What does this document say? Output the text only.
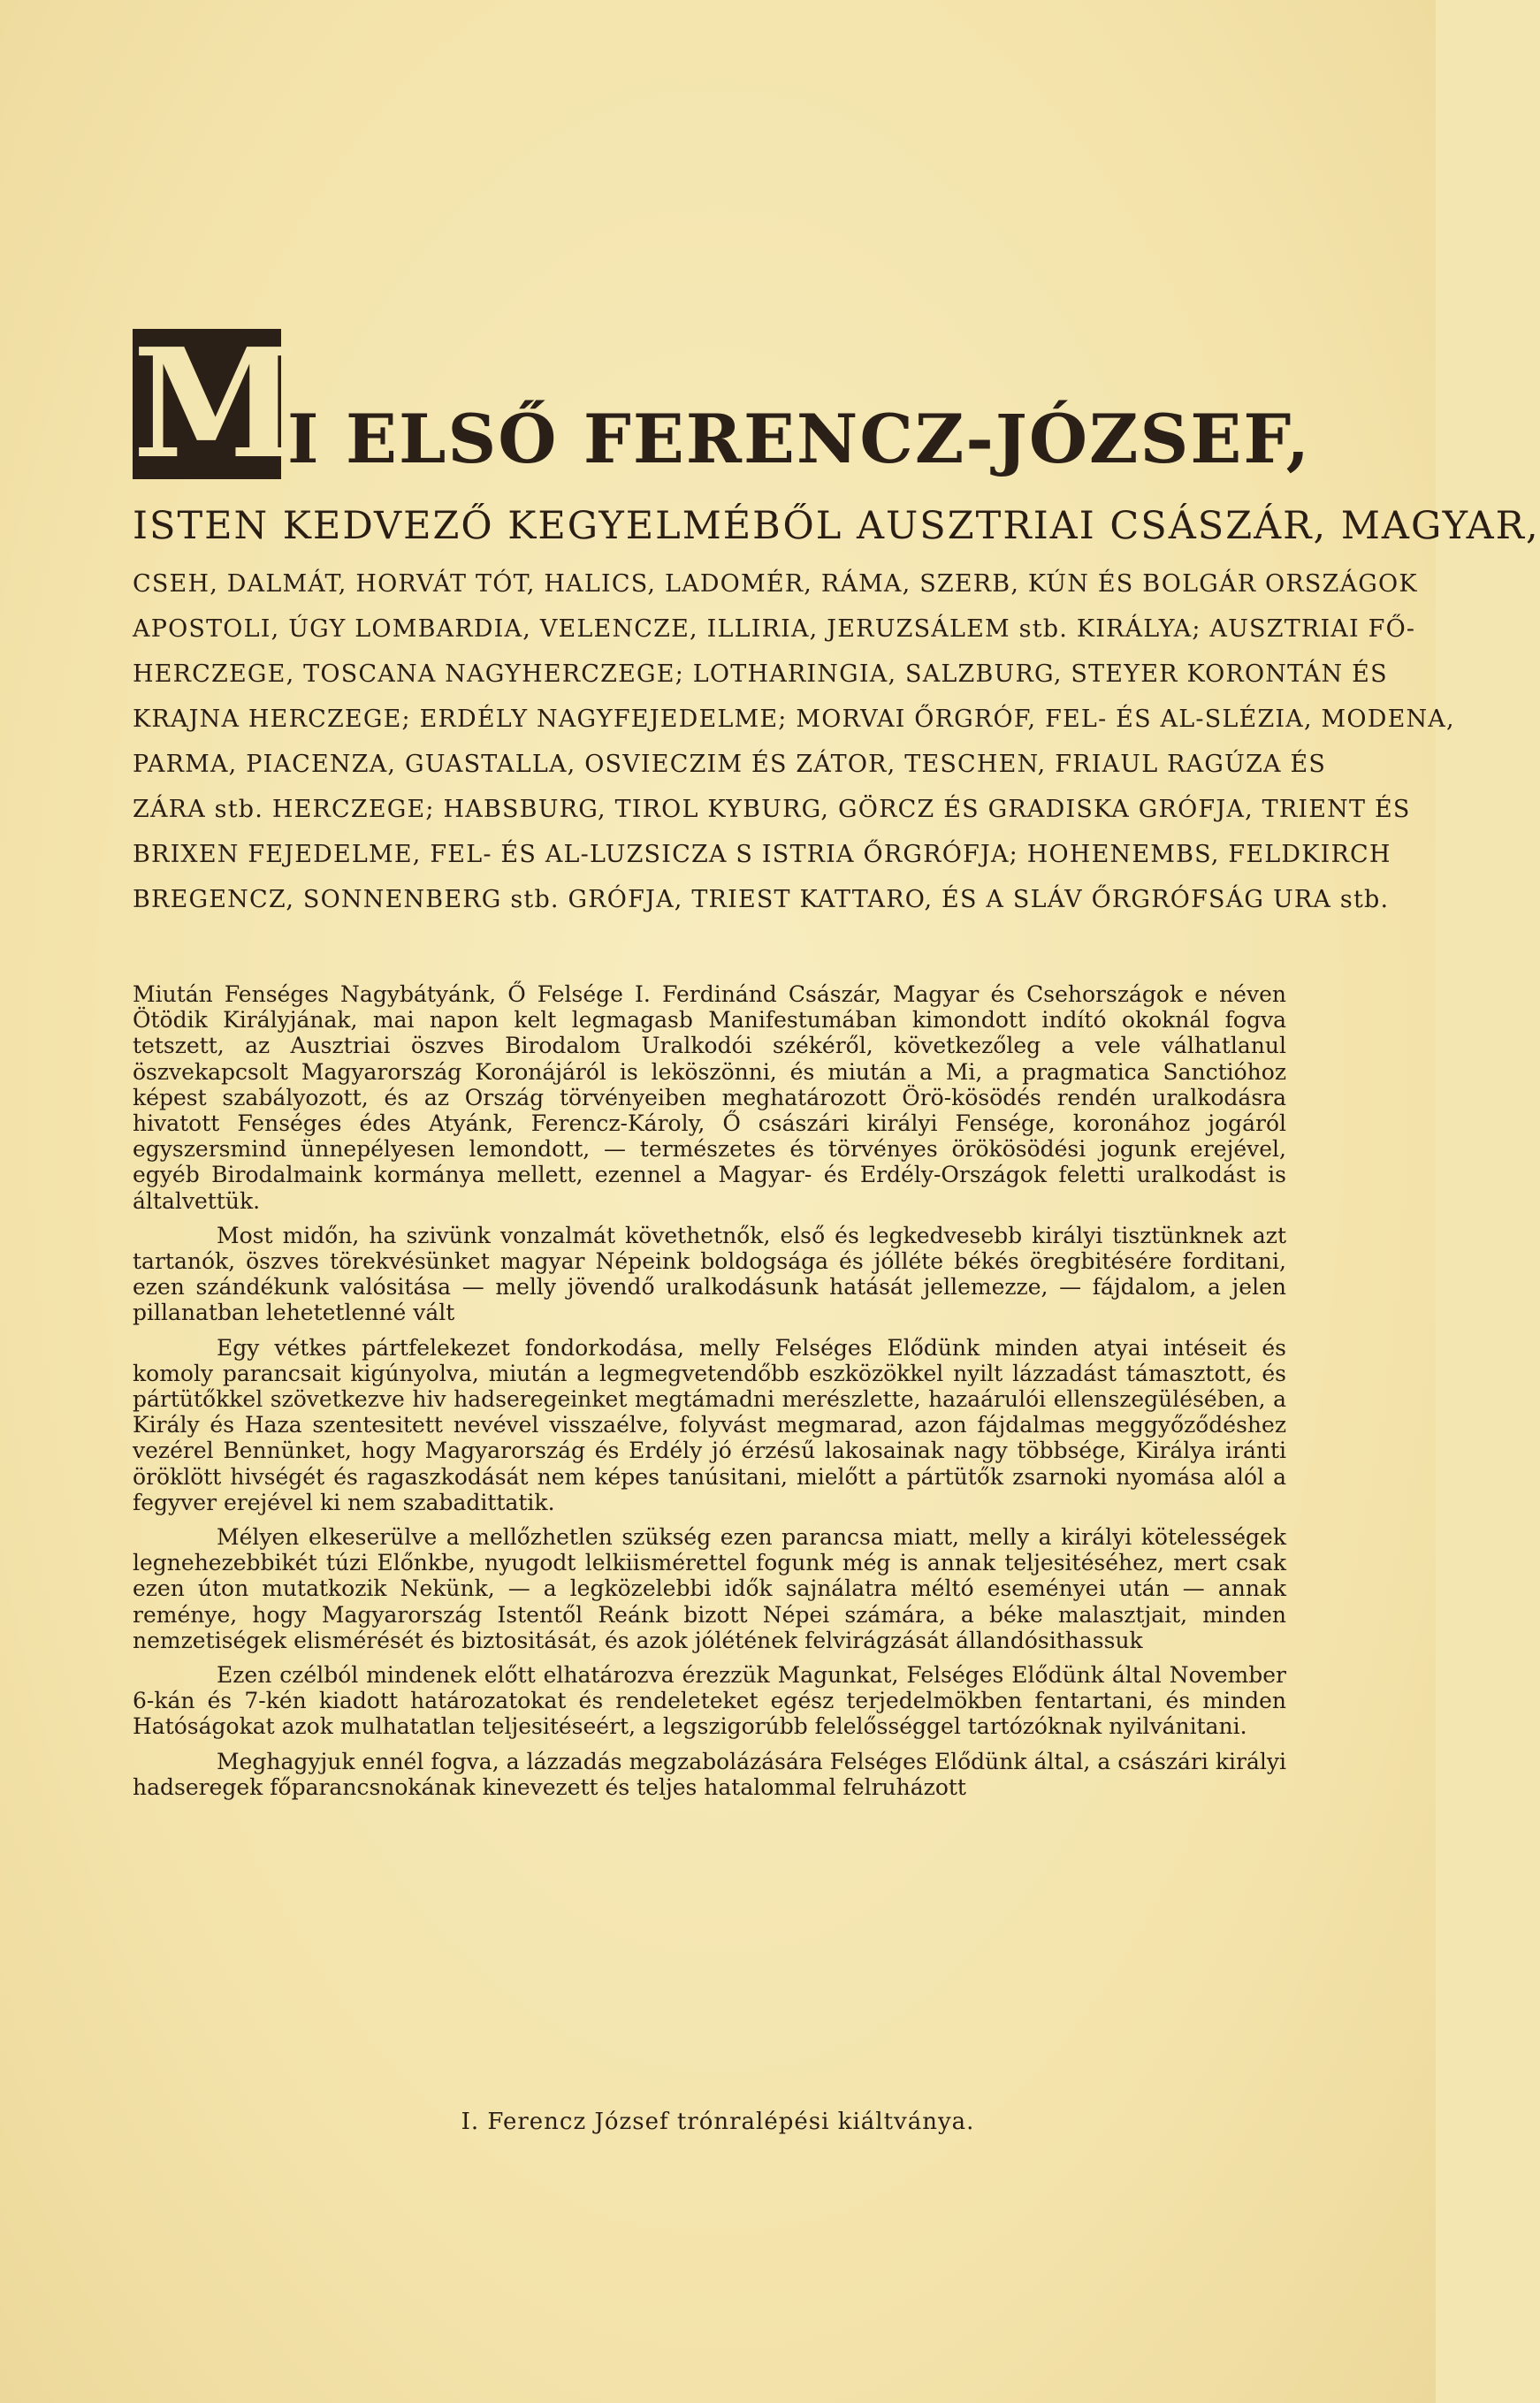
M
I ELSŐ FERENCZ-JÓZSEF,
ISTEN KEDVEZŐ KEGYELMÉBŐL AUSZTRIAI CSÁSZÁR, MAGYAR,
CSEH, DALMÁT, HORVÁT TÓT, HALICS, LADOMÉR, RÁMA, SZERB, KÚN ÉS BOLGÁR ORSZÁGOK
APOSTOLI, ÚGY LOMBARDIA, VELENCZE, ILLIRIA, JERUZSÁLEM stb. KIRÁLYA; AUSZTRIAI FŐ-
HERCZEGE, TOSCANA NAGYHERCZEGE; LOTHARINGIA, SALZBURG, STEYER KORONTÁN ÉS
KRAJNA HERCZEGE; ERDÉLY NAGYFEJEDELME; MORVAI ŐRGRÓF, FEL- ÉS AL-SLÉZIA, MODENA,
PARMA, PIACENZA, GUASTALLA, OSVIECZIM ÉS ZÁTOR, TESCHEN, FRIAUL RAGÚZA ÉS
ZÁRA stb. HERCZEGE; HABSBURG, TIROL KYBURG, GÖRCZ ÉS GRADISKA GRÓFJA, TRIENT ÉS
BRIXEN FEJEDELME, FEL- ÉS AL-LUZSICZA S ISTRIA ŐRGRÓFJA; HOHENEMBS, FELDKIRCH
BREGENCZ, SONNENBERG stb. GRÓFJA, TRIEST KATTARO, ÉS A SLÁV ŐRGRÓFSÁG URA stb.

Miután Fenséges Nagybátyánk, Ő Felsége I. Ferdinánd Császár, Magyar és Csehországok e néven Ötödik Királyjának, mai napon kelt legmagasb Manifestumában kimondott indító okoknál fogva tetszett, az Ausztriai öszves Birodalom Uralkodói székéről, következőleg a vele válhatlanul öszvekapcsolt Magyarország Koronájáról is leköszönni, és miután a Mi, a pragmatica Sanctióhoz képest szabályozott, és az Ország törvényeiben meghatározott Örö-kösödés rendén uralkodásra hivatott Fenséges édes Atyánk, Ferencz-Károly, Ő császári királyi Fensége, koronához jogáról egyszersmind ünnepélyesen lemondott, — természetes és törvényes örökösödési jogunk erejével, egyéb Birodalmaink kormánya mellett, ezennel a Magyar- és Erdély-Országok feletti uralkodást is általvettük.

Most midőn, ha szivünk vonzalmát követhetnők, első és legkedvesebb királyi tisztünknek azt tartanók, öszves törekvésünket magyar Népeink boldogsága és jólléte békés öregbitésére forditani, ezen szándékunk valósitása — melly jövendő uralkodásunk hatását jellemezze, — fájdalom, a jelen pillanatban lehetetlenné vált

Egy vétkes pártfelekezet fondorkodása, melly Felséges Elődünk minden atyai intéseit és komoly parancsait kigúnyolva, miután a legmegvetendőbb eszközökkel nyilt lázzadást támasztott, és pártütőkkel szövetkezve hiv hadseregeinket megtámadni merészlette, hazaárulói ellenszegülésében, a Király és Haza szentesitett nevével visszaélve, folyvást megmarad, azon fájdalmas meggyőződéshez vezérel Bennünket, hogy Magyarország és Erdély jó érzésű lakosainak nagy többsége, Királya iránti öröklött hivségét és ragaszkodását nem képes tanúsitani, mielőtt a pártütők zsarnoki nyomása alól a fegyver erejével ki nem szabadittatik.

Mélyen elkeserülve a mellőzhetlen szükség ezen parancsa miatt, melly a királyi kötelességek legnehezebbikét túzi Előnkbe, nyugodt lelkiismérettel fogunk még is annak teljesitéséhez, mert csak ezen úton mutatkozik Nekünk, — a legközelebbi idők sajnálatra méltó eseményei után — annak reménye, hogy Magyarország Istentől Reánk bizott Népei számára, a béke malasztjait, minden nemzetiségek elismérését és biztositását, és azok jólétének felvirágzását állandósithassuk

Ezen czélból mindenek előtt elhatározva érezzük Magunkat, Felséges Elődünk által November 6-kán és 7-kén kiadott határozatokat és rendeleteket egész terjedelmökben fentartani, és minden Hatóságokat azok mulhatatlan teljesitéseért, a legszigorúbb felelősséggel tartózóknak nyilvánitani.

Meghagyjuk ennél fogva, a lázzadás megzabolázására Felséges Elődünk által, a császári királyi hadseregek főparancsnokának kinevezett és teljes hatalommal felruházott

I. Ferencz József trónralépési kiáltványa.
